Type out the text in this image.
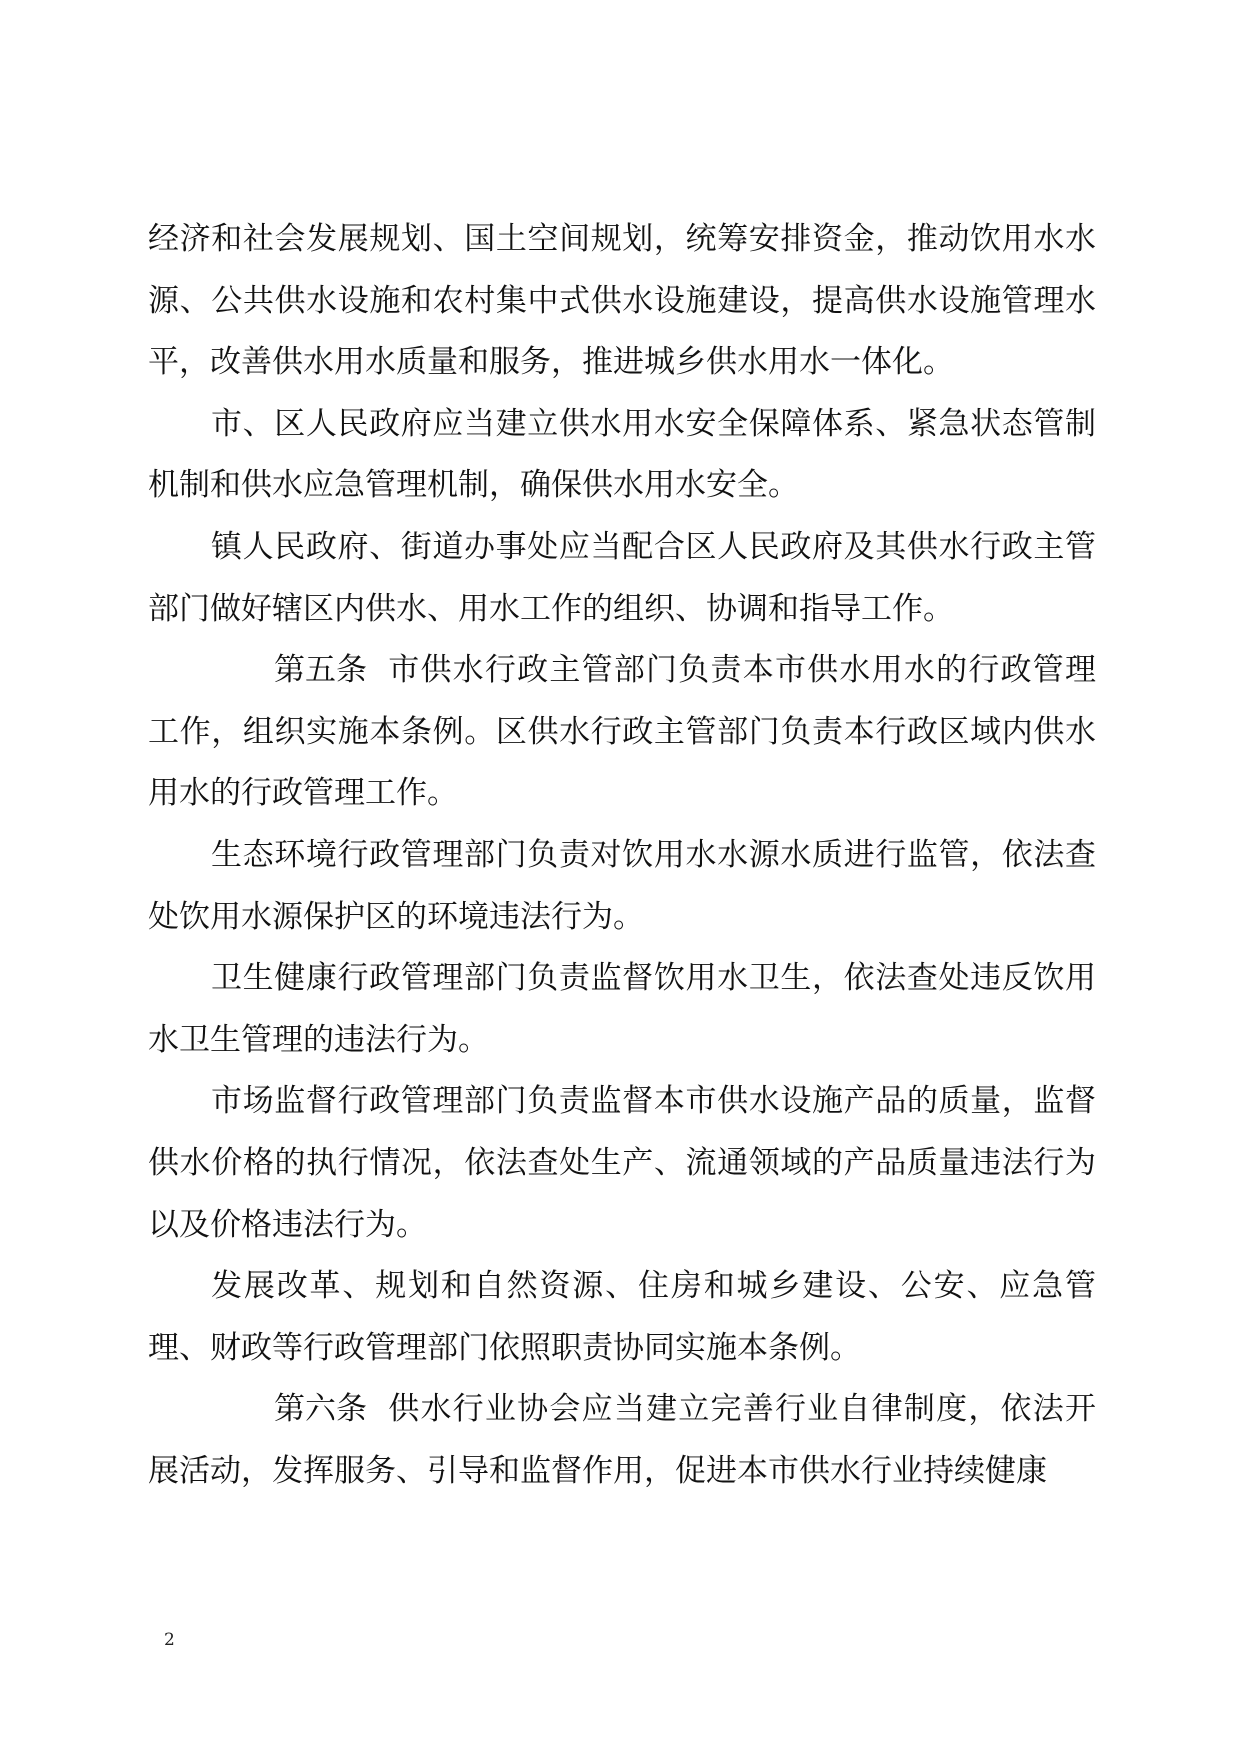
经济和社会发展规划、国土空间规划，统筹安排资金，推动饮用水水源、公共供水设施和农村集中式供水设施建设，提高供水设施管理水平，改善供水用水质量和服务，推进城乡供水用水一体化。

市、区人民政府应当建立供水用水安全保障体系、紧急状态管制机制和供水应急管理机制，确保供水用水安全。

镇人民政府、街道办事处应当配合区人民政府及其供水行政主管部门做好辖区内供水、用水工作的组织、协调和指导工作。

第五条 市供水行政主管部门负责本市供水用水的行政管理工作，组织实施本条例。区供水行政主管部门负责本行政区域内供水用水的行政管理工作。

生态环境行政管理部门负责对饮用水水源水质进行监管，依法查处饮用水源保护区的环境违法行为。

卫生健康行政管理部门负责监督饮用水卫生，依法查处违反饮用水卫生管理的违法行为。

市场监督行政管理部门负责监督本市供水设施产品的质量，监督供水价格的执行情况，依法查处生产、流通领域的产品质量违法行为以及价格违法行为。

发展改革、规划和自然资源、住房和城乡建设、公安、应急管理、财政等行政管理部门依照职责协同实施本条例。

第六条 供水行业协会应当建立完善行业自律制度，依法开展活动，发挥服务、引导和监督作用，促进本市供水行业持续健康

2
